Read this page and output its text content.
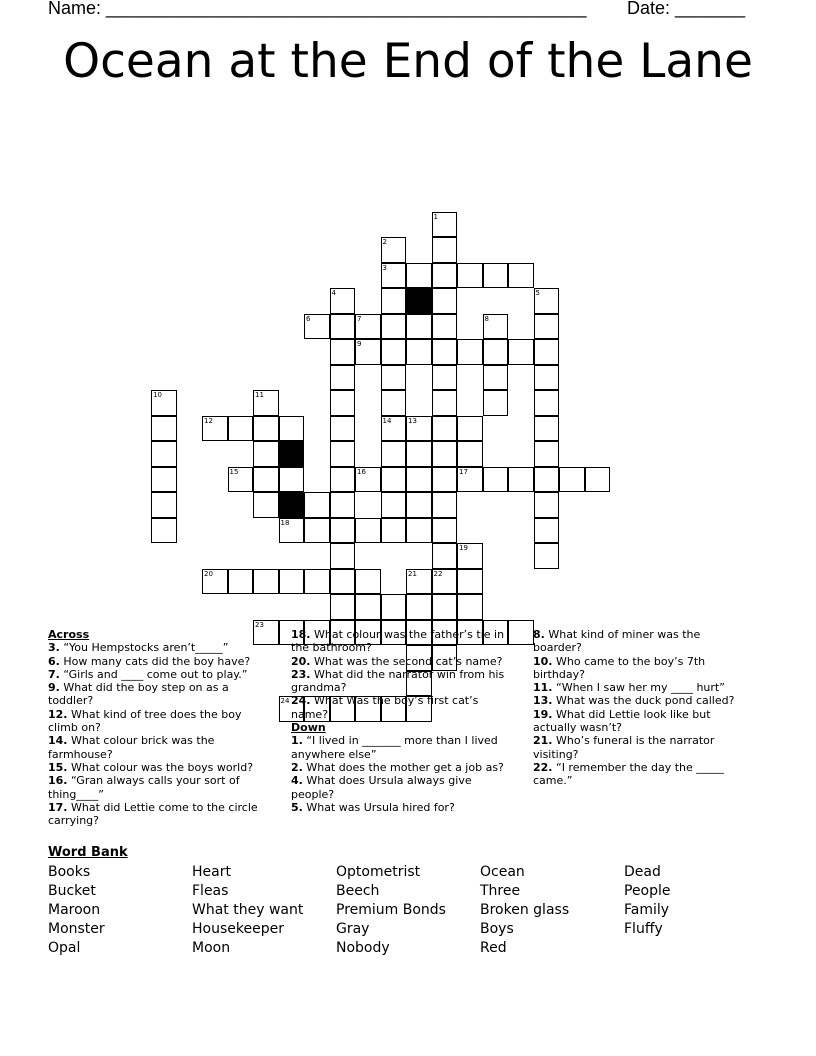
Name: ________________________________________________ Date: _______
Ocean at the End of the Lane
1
22
2
3
14
4	5
6	7	8
9
10	11
12
15
13
16	17
18
19
20	21
23
24

Across

3. “You Hempstocks aren’t_____”

6. How many cats did the boy have?

7. “Girls and ____ come out to play.”

9. What did the boy step on as a toddler?

12. What kind of tree does the boy climb on?

14. What colour brick was the farmhouse?

15. What colour was the boys world?

16. “Gran always calls your sort of thing____”

17. What did Lettie come to the circle carrying?

18. What colour was the father’s tie in the bathroom?

20. What was the second cat’s name?

23. What did the narrator win from his grandma?

24. What Was the boy’s first cat’s name?

Down

1. “I lived in _______ more than I lived anywhere else”

2. What does the mother get a job as?

4. What does Ursula always give people?

5. What was Ursula hired for?

8. What kind of miner was the boarder?

10. Who came to the boy’s 7th birthday?

11. “When I saw her my ____ hurt”

13. What was the duck pond called?

19. What did Lettie look like but actually wasn’t?

21. Who’s funeral is the narrator visiting?

22. “I remember the day the _____ came.”

Word Bank
Books
Bucket
Maroon
Monster
Opal
Heart
Fleas
What they want
Housekeeper
Moon
Optometrist
Beech
Premium Bonds
Gray
Nobody
Ocean
Three
Broken glass
Boys
Red
Dead
People
Family
Fluffy
